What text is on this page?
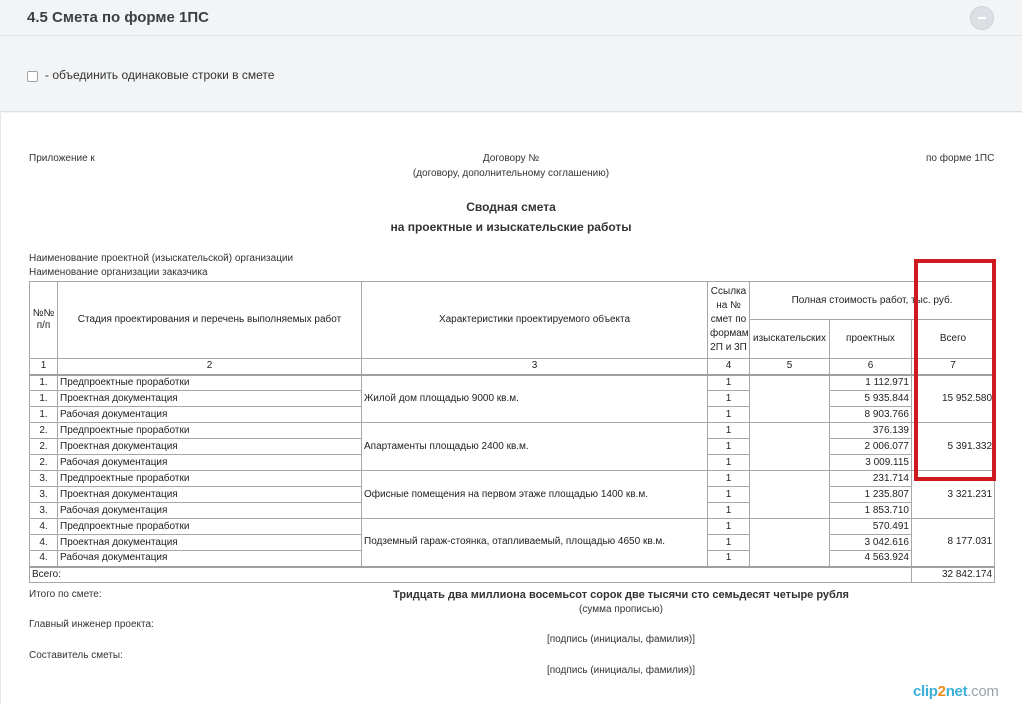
4.5 Смета по форме 1ПС
- объединить одинаковые строки в смете
Приложение к	Договору №
(договору, дополнительному соглашению)
по форме 1ПС
Сводная смета
на проектные и изыскательские работы
Наименование проектной (изыскательской) организации
Наименование организации заказчика
№№ п/п	Стадия проектирования и перечень выполняемых работ	Характеристики проектируемого объекта	Ссылка на № смет по формам 2П и 3П	Полная стоимость работ, тыс. руб.		
				изыскательских	проектных	Всего
1	2	3	4	5	6	7
1.	Предпроектные проработки	Жилой дом площадью 9000 кв.м.	1		1 112.971	15 952.580
1.	Проектная документация		1		5 935.844	
1.	Рабочая документация		1		8 903.766	
2.	Предпроектные проработки	Апартаменты площадью 2400 кв.м.	1		376.139	5 391.332
2.	Проектная документация		1		2 006.077	
2.	Рабочая документация		1		3 009.115	
3.	Предпроектные проработки	Офисные помещения на первом этаже площадью 1400 кв.м.	1		231.714	3 321.231
3.	Проектная документация		1		1 235.807	
3.	Рабочая документация		1		1 853.710	
4.	Предпроектные проработки	Подземный гараж-стоянка, отапливаемый, площадью 4650 кв.м.	1		570.491	8 177.031
4.	Проектная документация		1		3 042.616	
4.	Рабочая документация		1		4 563.924	
Всего:						32 842.174
Итого по смете:	Тридцать два миллиона восемьсот сорок две тысячи сто семьдесят четыре рубля
(сумма прописью)
Главный инженер проекта:
[подпись (инициалы, фамилия)]
Составитель сметы:
[подпись (инициалы, фамилия)]
clip2net.com
